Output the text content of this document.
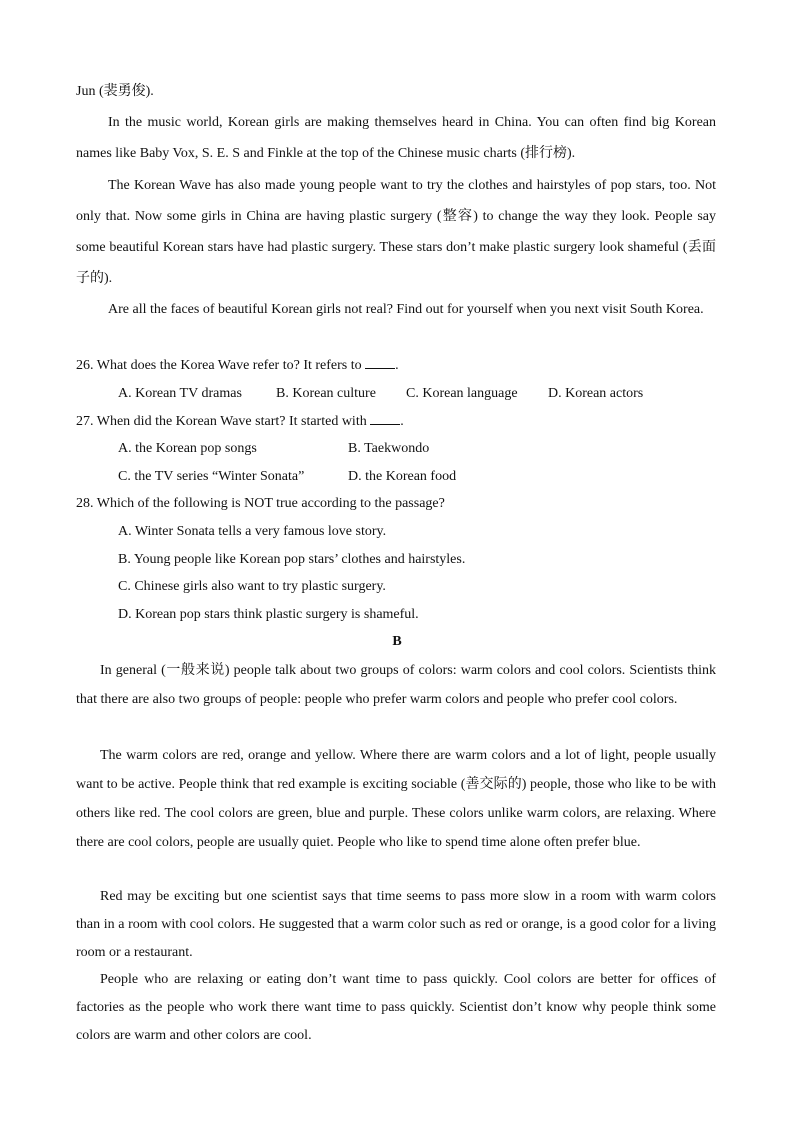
Jun (裴勇俊).

In the music world, Korean girls are making themselves heard in China. You can often find big Korean names like Baby Vox, S. E. S and Finkle at the top of the Chinese music charts (排行榜).

The Korean Wave has also made young people want to try the clothes and hairstyles of pop stars, too. Not only that. Now some girls in China are having plastic surgery (整容) to change the way they look. People say some beautiful Korean stars have had plastic surgery. These stars don’t make plastic surgery look shameful (丢面子的).

Are all the faces of beautiful Korean girls not real? Find out for yourself when you next visit South Korea.

26. What does the Korea Wave refer to? It refers to .

A. Korean TV dramas B. Korean culture C. Korean language D. Korean actors

27. When did the Korean Wave start? It started with .

A. the Korean pop songs	B. Taekwondo

C. the TV series “Winter Sonata”	D. the Korean food

28. Which of the following is NOT true according to the passage?

A. Winter Sonata tells a very famous love story.

B. Young people like Korean pop stars’ clothes and hairstyles.

C. Chinese girls also want to try plastic surgery.

D. Korean pop stars think plastic surgery is shameful.

B

In general (一般来说) people talk about two groups of colors: warm colors and cool colors. Scientists think that there are also two groups of people: people who prefer warm colors and people who prefer cool colors.

The warm colors are red, orange and yellow. Where there are warm colors and a lot of light, people usually want to be active. People think that red example is exciting sociable (善交际的) people, those who like to be with others like red. The cool colors are green, blue and purple. These colors unlike warm colors, are relaxing. Where there are cool colors, people are usually quiet. People who like to spend time alone often prefer blue.

Red may be exciting but one scientist says that time seems to pass more slow in a room with warm colors than in a room with cool colors. He suggested that a warm color such as red or orange, is a good color for a living room or a restaurant.

People who are relaxing or eating don’t want time to pass quickly. Cool colors are better for offices of factories as the people who work there want time to pass quickly. Scientist don’t know why people think some colors are warm and other colors are cool.
